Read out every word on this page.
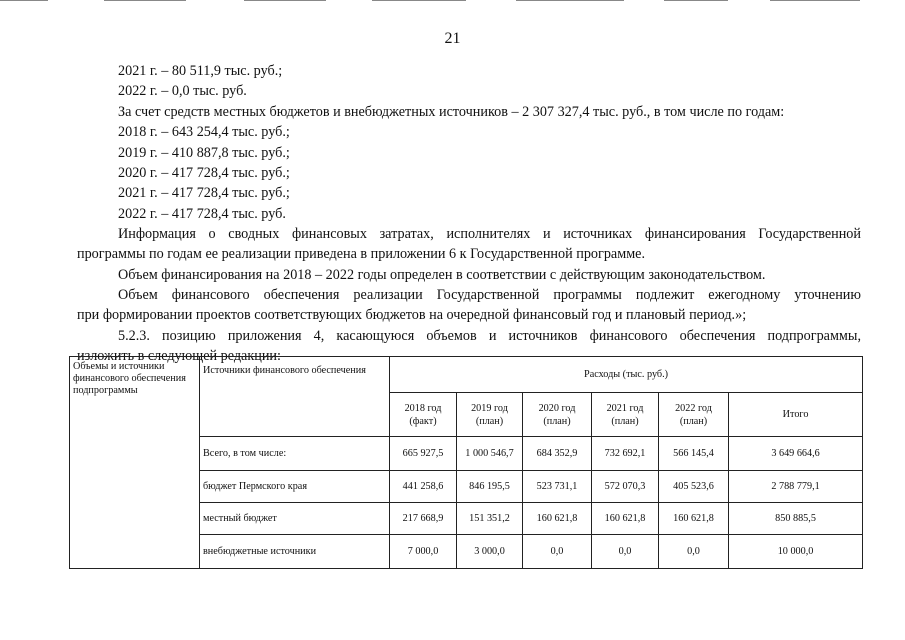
21
2021 г. – 80 511,9 тыс. руб.;
2022 г. – 0,0 тыс. руб.
За счет средств местных бюджетов и внебюджетных источников – 2 307 327,4 тыс. руб., в том числе по годам:
2018 г. – 643 254,4 тыс. руб.;
2019 г. – 410 887,8 тыс. руб.;
2020 г. – 417 728,4 тыс. руб.;
2021 г. – 417 728,4 тыс. руб.;
2022 г. – 417 728,4 тыс. руб.
Информация о сводных финансовых затратах, исполнителях и источниках финансирования Государственной
программы по годам ее реализации приведена в приложении 6 к Государственной программе.
Объем финансирования на 2018 – 2022 годы определен в соответствии с действующим законодательством.
Объем финансового обеспечения реализации Государственной программы подлежит ежегодному уточнению
при формировании проектов соответствующих бюджетов на очередной финансовый год и плановый период.»;
5.2.3. позицию приложения 4, касающуюся объемов и источников финансового обеспечения подпрограммы,
изложить в следующей редакции:
Объемы и источники финансового обеспечения подпрограммы	Источники финансового обеспечения	Расходы (тыс. руб.)					
		2018 год (факт)	2019 год (план)	2020 год (план)	2021 год (план)	2022 год (план)	Итого
	Всего, в том числе:	665 927,5	1 000 546,7	684 352,9	732 692,1	566 145,4	3 649 664,6
	бюджет Пермского края	441 258,6	846 195,5	523 731,1	572 070,3	405 523,6	2 788 779,1
	местный бюджет	217 668,9	151 351,2	160 621,8	160 621,8	160 621,8	850 885,5
	внебюджетные источники	7 000,0	3 000,0	0,0	0,0	0,0	10 000,0
